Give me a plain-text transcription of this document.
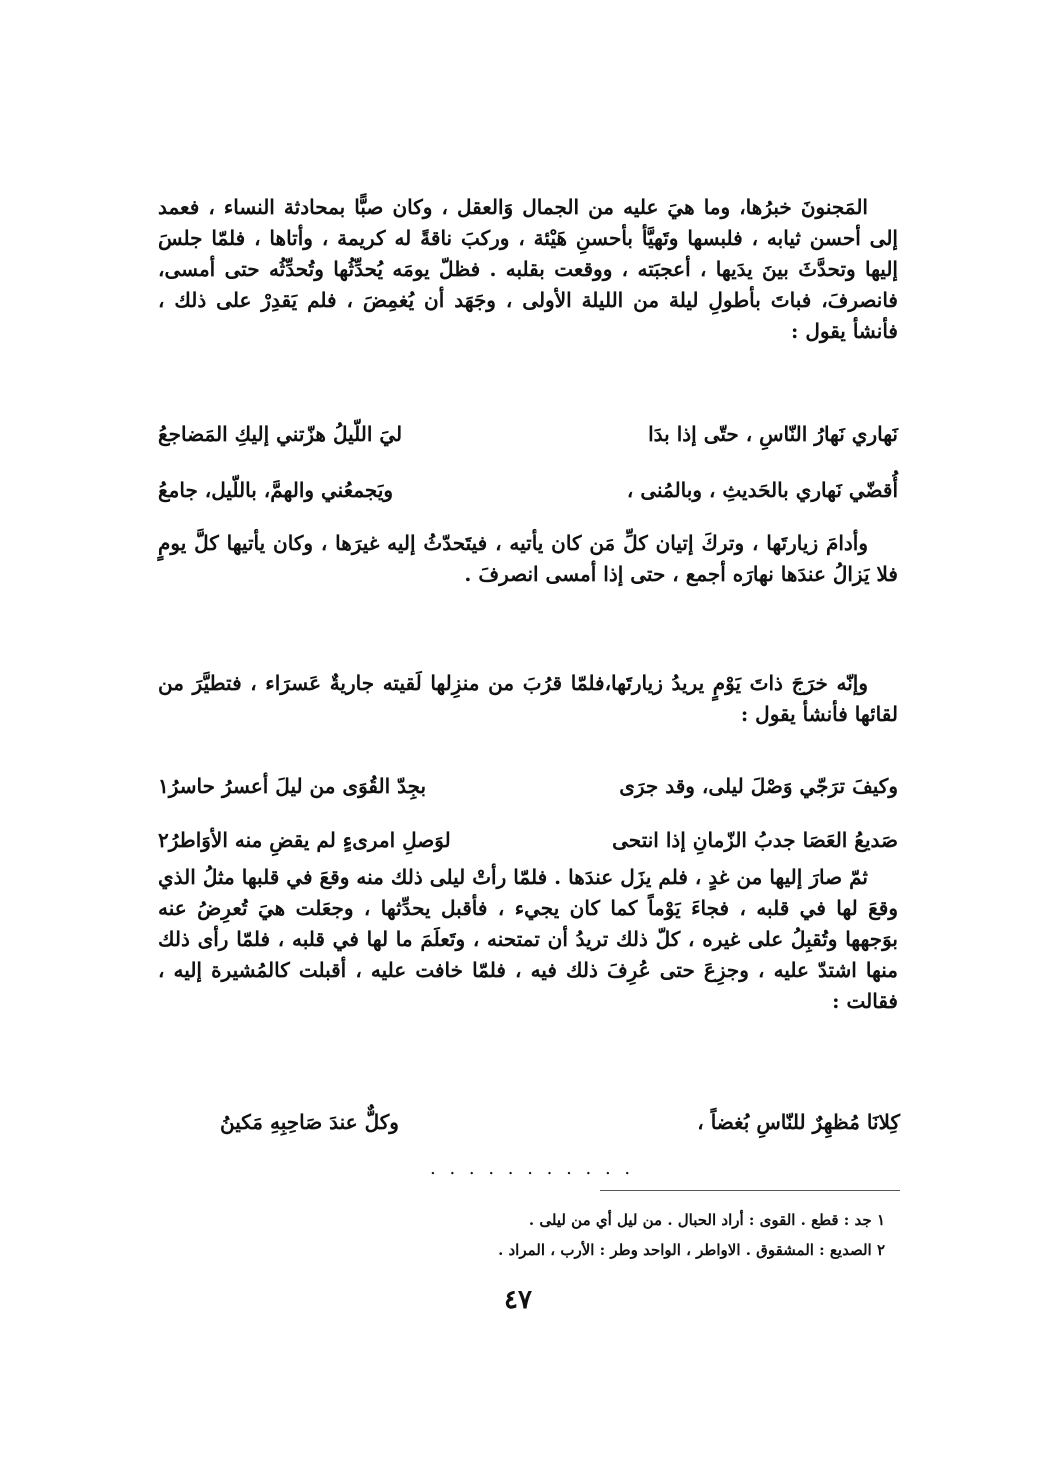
المَجنونَ خبرُها، وما هيَ عليه من الجمال وَالعقل ، وكان صبًّا بمحادثة النساء ، فعمد إلى أحسن ثيابه ، فلبسها وتَهيَّأ بأحسنِ هَيْئة ، وركبَ ناقةً له كريمة ، وأتاها ، فلمّا جلسَ إليها وتحدَّثَ بينَ يدَيها ، أعجبَته ، ووقعت بقلبه . فظلّ يومَه يُحدِّثُها وتُحدِّثُه حتى أمسى، فانصرفَ، فباتَ بأطولِ ليلة من الليلة الأولى ، وجَهَد أن يُغمِضَ ، فلم يَقدِرْ على ذلك ، فأنشأ يقول :
نَهاري نَهارُ النّاسِ ، حتّى إذا بدَا
ليَ اللّيلُ هزّتني إليكِ المَضاجعُ
أُقضّي نَهاري بالحَديثِ ، وبالمُنى ،
ويَجمعُني والهمَّ، باللّيل، جامعُ
وأدامَ زيارتَها ، وتركَ إتيان كلِّ مَن كان يأتيه ، فيتَحدّثُ إليه غيرَها ، وكان يأتيها كلَّ يومٍ فلا يَزالُ عندَها نهارَه أجمع ، حتى إذا أمسى انصرفَ .
وإنّه خرَجَ ذاتَ يَوْمٍ يريدُ زيارتَها،فلمّا قرُبَ من منزِلها لَقيته جاريةٌ عَسرَاء ، فتطيَّرَ من لقائها فأنشأ يقول :
وكيفَ ترَجّي وَصْلَ ليلى، وقد جرَى
بجِدّ القُوَى من ليلَ أعسرُ حاسرُ١
صَديعُ العَصَا جدبُ الزّمانِ إذا انتحى
لوَصلِ امرىءٍ لم يقضِ منه الأوَاطرُ٢
ثمّ صارَ إليها من غدٍ ، فلم يزَل عندَها . فلمّا رأتْ ليلى ذلك منه وقعَ في قلبها مثلُ الذي وقعَ لها في قلبه ، فجاءَ يَوْماً كما كان يجيء ، فأقبل يحدِّثها ، وجعَلت هيَ تُعرِضُ عنه بوَجهها وتُقبِلُ على غيره ، كلّ ذلك تريدُ أن تمتحنه ، وتَعلَمَ ما لها في قلبه ، فلمّا رأى ذلك منها اشتدّ عليه ، وجزِعَ حتى عُرِفَ ذلك فيه ، فلمّا خافت عليه ، أقبلت كالمُشيرة إليه ، فقالت :
كِلانَا مُظهِرٌ للنّاسِ بُغضاً ،
وكلٌّ عندَ صَاحِبِهِ مَكينُ
. . . . . . . . . . .
١ جد : قطع . القوى : أراد الحبال . من ليل أي من ليلى .
٢ الصديع : المشقوق . الاواطر ، الواحد وطر : الأرب ، المراد .
٤٧
